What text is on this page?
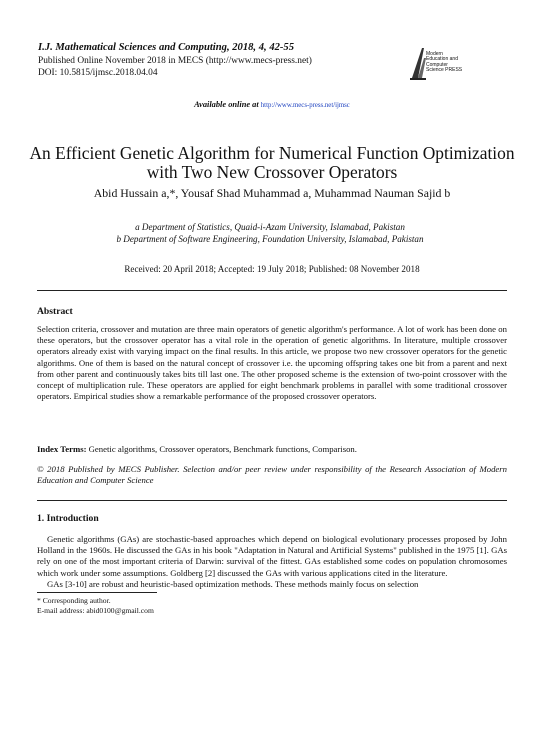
I.J. Mathematical Sciences and Computing, 2018, 4, 42-55
Published Online November 2018 in MECS (http://www.mecs-press.net)
DOI: 10.5815/ijmsc.2018.04.04
Modern Education and Computer Science PRESS
Available online at http://www.mecs-press.net/ijmsc
An Efficient Genetic Algorithm for Numerical Function Optimization
with Two New Crossover Operators
Abid Hussain a,*, Yousaf Shad Muhammad a, Muhammad Nauman Sajid b
a Department of Statistics, Quaid-i-Azam University, Islamabad, Pakistan
b Department of Software Engineering, Foundation University, Islamabad, Pakistan
Received: 20 April 2018; Accepted: 19 July 2018; Published: 08 November 2018
Abstract
Selection criteria, crossover and mutation are three main operators of genetic algorithm's performance. A lot of work has been done on these operators, but the crossover operator has a vital role in the operation of genetic algorithms. In literature, multiple crossover operators already exist with varying impact on the final results. In this article, we propose two new crossover operators for the genetic algorithms. One of them is based on the natural concept of crossover i.e. the upcoming offspring takes one bit from a parent and next from other parent and continuously takes bits till last one. The other proposed scheme is the extension of two-point crossover with the concept of multiplication rule. These operators are applied for eight benchmark problems in parallel with some traditional crossover operators. Empirical studies show a remarkable performance of the proposed crossover operators.
Index Terms: Genetic algorithms, Crossover operators, Benchmark functions, Comparison.
© 2018 Published by MECS Publisher. Selection and/or peer review under responsibility of the Research Association of Modern Education and Computer Science
1. Introduction
Genetic algorithms (GAs) are stochastic-based approaches which depend on biological evolutionary processes proposed by John Holland in the 1960s. He discussed the GAs in his book "Adaptation in Natural and Artificial Systems" published in the 1975 [1]. GAs rely on one of the most important criteria of Darwin: survival of the fittest. GAs established some codes on population chromosomes which work under some assumptions. Goldberg [2] discussed the GAs with various applications cited in the literature.
GAs [3-10] are robust and heuristic-based optimization methods. These methods mainly focus on selection
* Corresponding author.
E-mail address: abid0100@gmail.com
